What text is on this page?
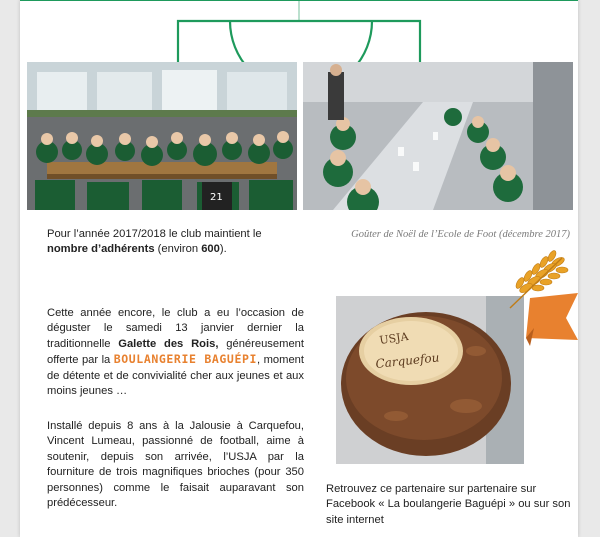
21
Pour l’année 2017/2018 le club maintient le nombre d’adhérents (environ 600).
Goûter de Noël de l’Ecole de Foot (décembre 2017)
Cette année encore, le club a eu l’occasion de déguster le samedi 13 janvier dernier la traditionnelle Galette des Rois, généreusement offerte par la BOULANGERIE BAGUÉPI, moment de détente et de convivialité cher aux jeunes et aux moins jeunes …

Installé depuis 8 ans à la Jalousie à Carquefou, Vincent Lumeau, passionné de football, aime à soutenir, depuis son arrivée, l’USJA par la fourniture de trois magnifiques brioches (pour 350 personnes) comme le faisait auparavant son prédécesseur.

USJA
Carquefou
Retrouvez ce partenaire sur partenaire sur Facebook « La boulangerie Baguépi » ou sur son site internet
